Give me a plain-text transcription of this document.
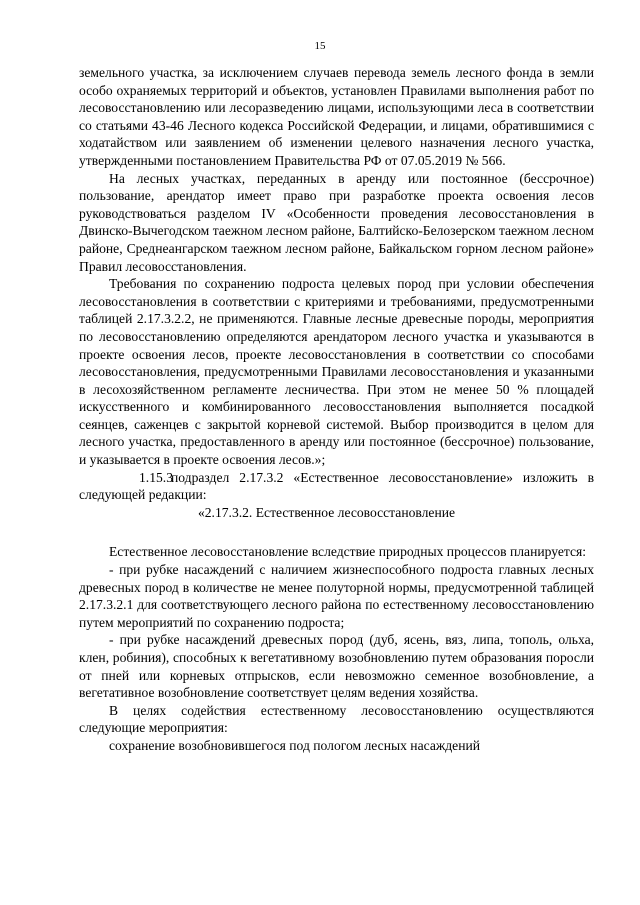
15

земельного участка, за исключением случаев перевода земель лесного фонда в земли особо охраняемых территорий и объектов, установлен Правилами выполнения работ по лесовосстановлению или лесоразведению лицами, использующими леса в соответствии со статьями 43-46 Лесного кодекса Российской Федерации, и лицами, обратившимися с ходатайством или заявлением об изменении целевого назначения лесного участка, утвержденными постановлением Правительства РФ от 07.05.2019 № 566.

На лесных участках, переданных в аренду или постоянное (бессрочное) пользование, арендатор имеет право при разработке проекта освоения лесов руководствоваться разделом IV «Особенности проведения лесовосстановления в Двинско-Вычегодском таежном лесном районе, Балтийско-Белозерском таежном лесном районе, Среднеангарском таежном лесном районе, Байкальском горном лесном районе» Правил лесовосстановления.

Требования по сохранению подроста целевых пород при условии обеспечения лесовосстановления в соответствии с критериями и требованиями, предусмотренными таблицей 2.17.3.2.2, не применяются. Главные лесные древесные породы, мероприятия по лесовосстановлению определяются арендатором лесного участка и указываются в проекте освоения лесов, проекте лесовосстановления в соответствии со способами лесовосстановления, предусмотренными Правилами лесовосстановления и указанными в лесохозяйственном регламенте лесничества. При этом не менее 50 % площадей искусственного и комбинированного лесовосстановления выполняется посадкой сеянцев, саженцев с закрытой корневой системой. Выбор производится в целом для лесного участка, предоставленного в аренду или постоянное (бессрочное) пользование, и указывается в проекте освоения лесов.»;

1.15.3подраздел 2.17.3.2 «Естественное лесовосстановление» изложить в следующей редакции:

«2.17.3.2. Естественное лесовосстановление

Естественное лесовосстановление вследствие природных процессов планируется:

- при рубке насаждений с наличием жизнеспособного подроста главных лесных древесных пород в количестве не менее полуторной нормы, предусмотренной таблицей 2.17.3.2.1 для соответствующего лесного района по естественному лесовосстановлению путем мероприятий по сохранению подроста;

- при рубке насаждений древесных пород (дуб, ясень, вяз, липа, тополь, ольха, клен, робиния), способных к вегетативному возобновлению путем образования поросли от пней или корневых отпрысков, если невозможно семенное возобновление, а вегетативное возобновление соответствует целям ведения хозяйства.

В целях содействия естественному лесовосстановлению осуществляются следующие мероприятия:

сохранение возобновившегося под пологом лесных насаждений
